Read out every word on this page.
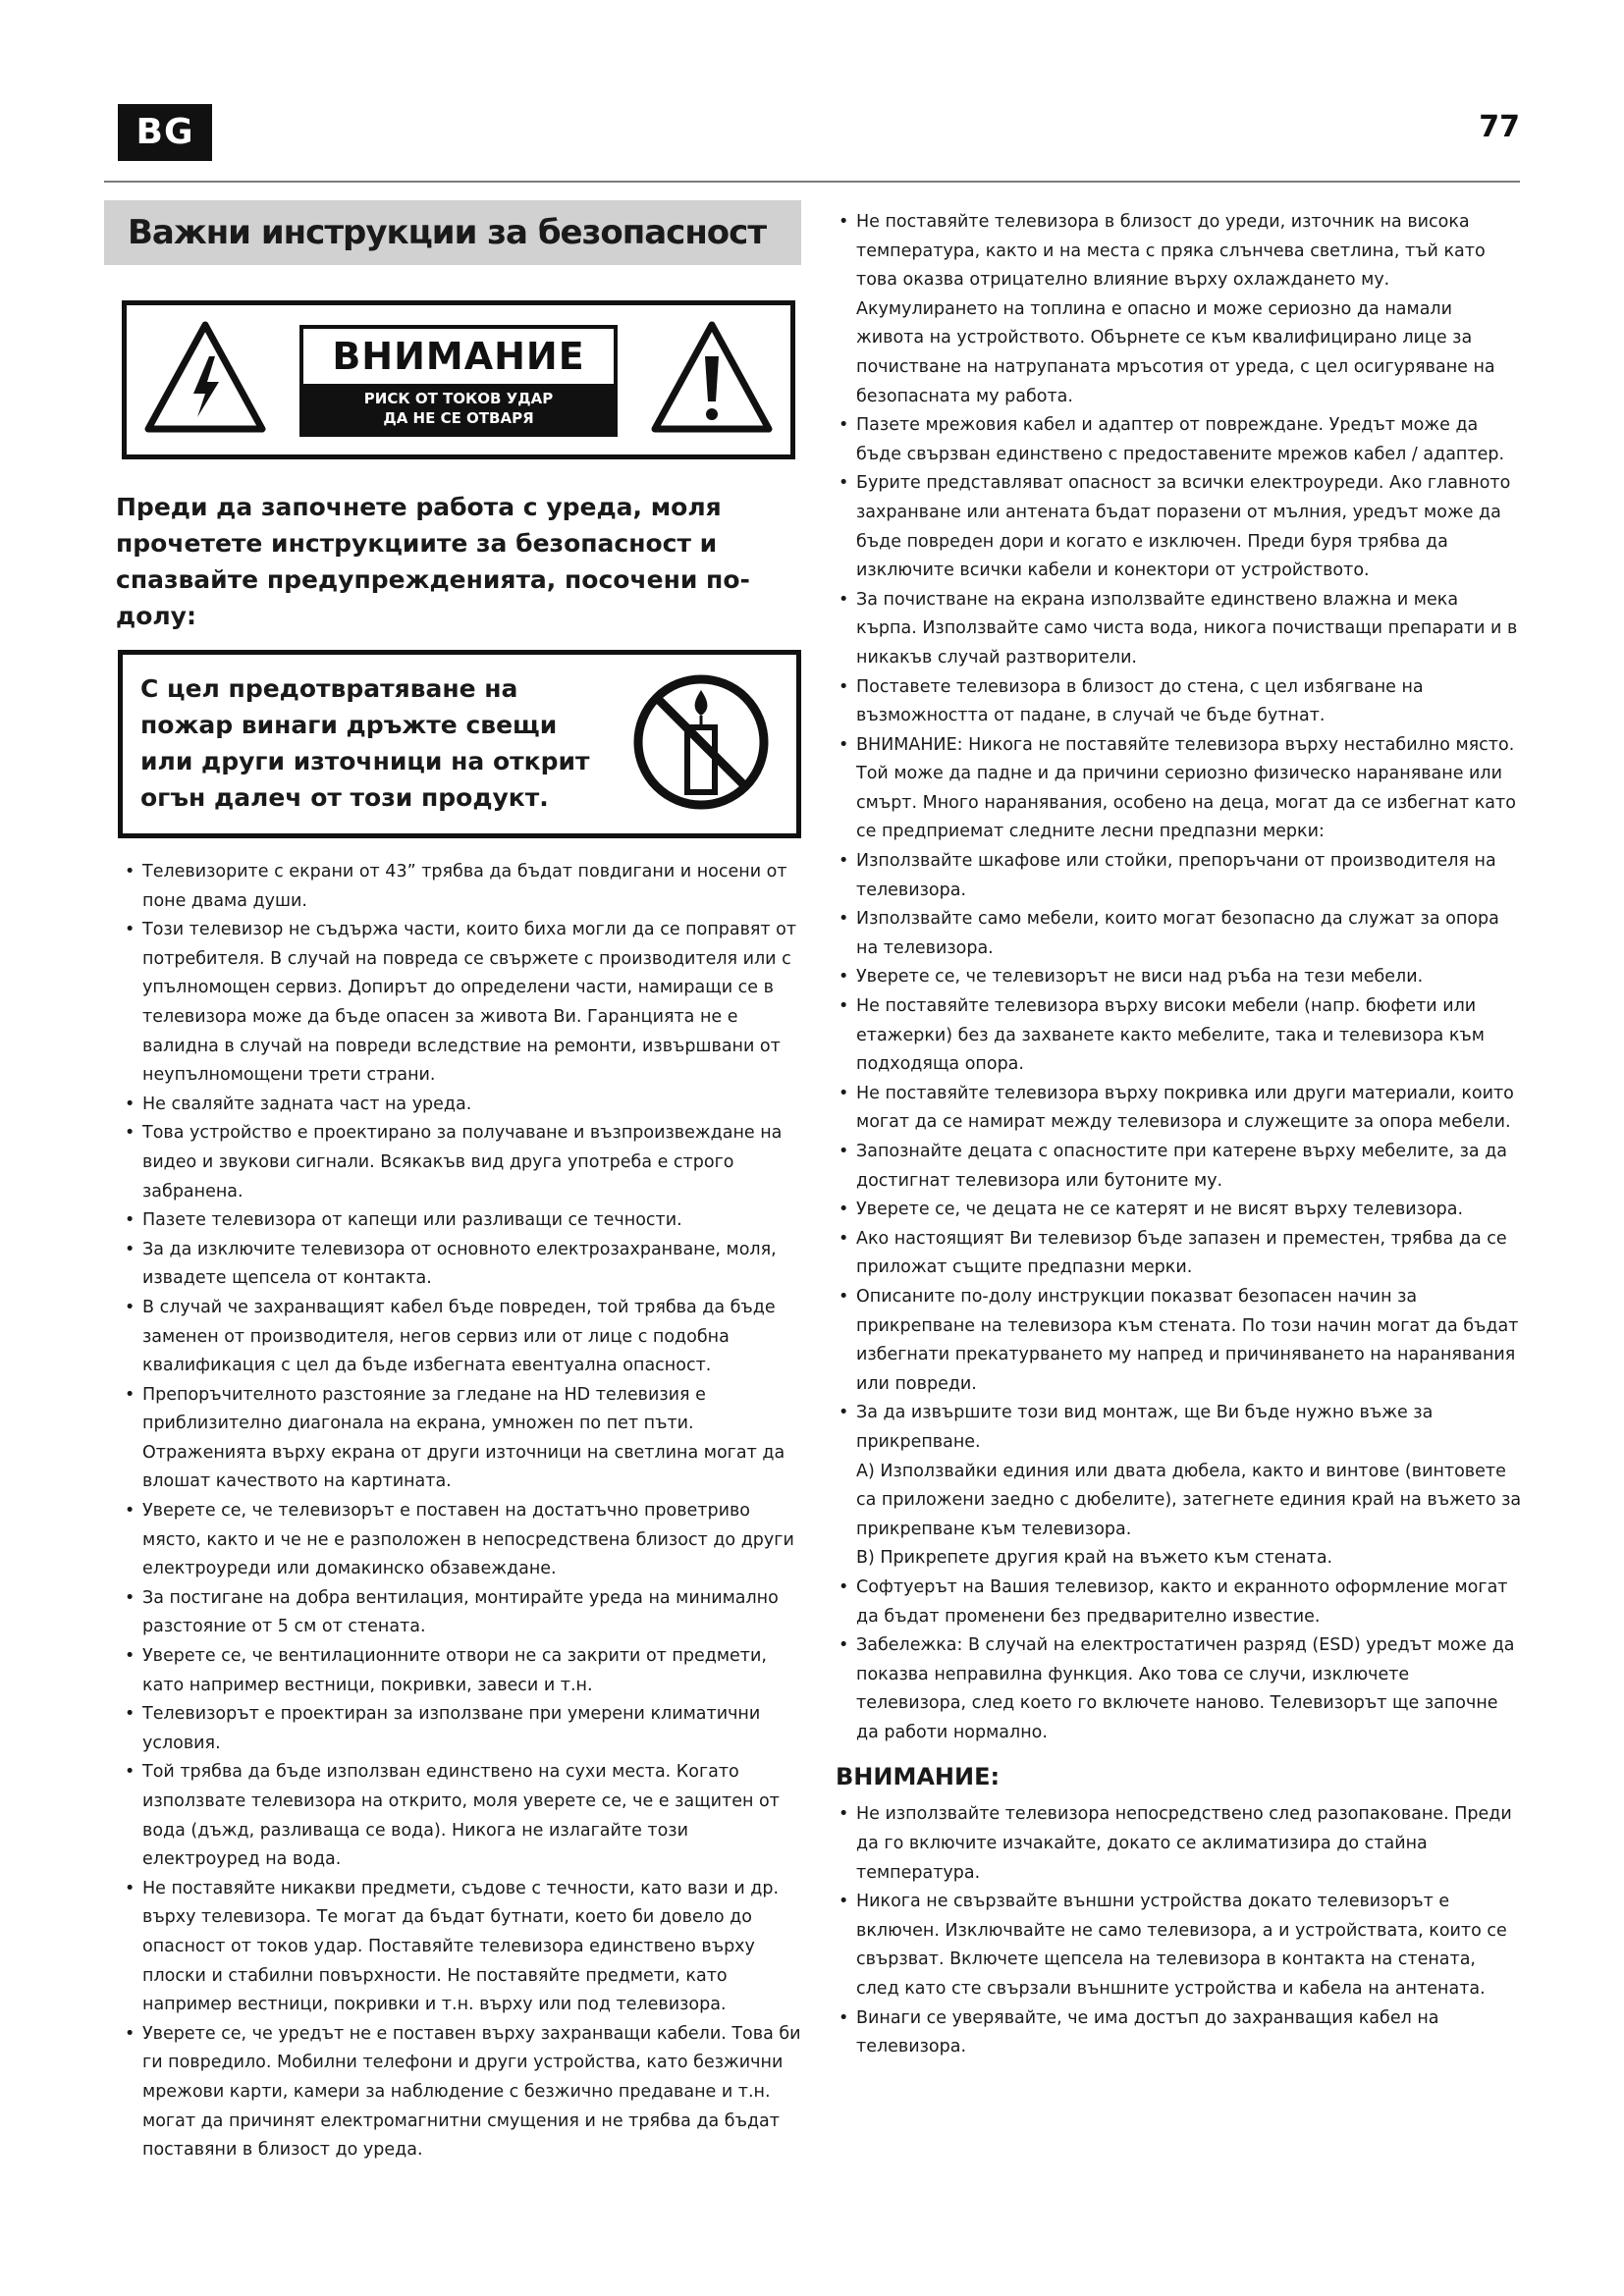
BG	77
Важни инструкции за безопасност
ВНИМАНИЕ
РИСК ОТ ТОКОВ УДАР
ДА НЕ СЕ ОТВАРЯ

Преди да започнете работа с уреда, моля прочетете инструкциите за безопасност и спазвайте предупрежденията, посочени по-долу:

С цел предотвратяване на пожар винаги дръжте свещи или други източници на открит огън далеч от този продукт.

• Телевизорите с екрани от 43” трябва да бъдат повдигани и носени от поне двама души.
• Този телевизор не съдържа части, които биха могли да се поправят от потребителя. В случай на повреда се свържете с производителя или с упълномощен сервиз. Допирът до определени части, намиращи се в телевизора може да бъде опасен за живота Ви. Гаранцията не е валидна в случай на повреди вследствие на ремонти, извършвани от неупълномощени трети страни.
• Не сваляйте задната част на уреда.
• Това устройство е проектирано за получаване и възпроизвеждане на видео и звукови сигнали. Всякакъв вид друга употреба е строго забранена.
• Пазете телевизора от капещи или разливащи се течности.
• За да изключите телевизора от основното електрозахранване, моля, извадете щепсела от контакта.
• В случай че захранващият кабел бъде повреден, той трябва да бъде заменен от производителя, негов сервиз или от лице с подобна квалификация с цел да бъде избегната евентуална опасност.
• Препоръчителното разстояние за гледане на HD телевизия е приблизително диагонала на екрана, умножен по пет пъти. Отраженията върху екрана от други източници на светлина могат да влошат качеството на картината.
• Уверете се, че телевизорът е поставен на достатъчно проветриво място, както и че не е разположен в непосредствена близост до други електроуреди или домакинско обзавеждане.
• За постигане на добра вентилация, монтирайте уреда на минимално разстояние от 5 см от стената.
• Уверете се, че вентилационните отвори не са закрити от предмети, като например вестници, покривки, завеси и т.н.
• Телевизорът е проектиран за използване при умерени климатични условия.
• Той трябва да бъде използван единствено на сухи места. Когато използвате телевизора на открито, моля уверете се, че е защитен от вода (дъжд, разливаща се вода). Никога не излагайте този електроуред на вода.
• Не поставяйте никакви предмети, съдове с течности, като вази и др. върху телевизора. Те могат да бъдат бутнати, което би довело до опасност от токов удар. Поставяйте телевизора единствено върху плоски и стабилни повърхности. Не поставяйте предмети, като например вестници, покривки и т.н. върху или под телевизора.
• Уверете се, че уредът не е поставен върху захранващи кабели. Това би ги повредило. Мобилни телефони и други устройства, като безжични мрежови карти, камери за наблюдение с безжично предаване и т.н. могат да причинят електромагнитни смущения и не трябва да бъдат поставяни в близост до уреда.
• Не поставяйте телевизора в близост до уреди, източник на висока температура, както и на места с пряка слънчева светлина, тъй като това оказва отрицателно влияние върху охлаждането му. Акумулирането на топлина е опасно и може сериозно да намали живота на устройството. Обърнете се към квалифицирано лице за почистване на натрупаната мръсотия от уреда, с цел осигуряване на безопасната му работа.
• Пазете мрежовия кабел и адаптер от повреждане. Уредът може да бъде свързван единствено с предоставените мрежов кабел / адаптер.
• Бурите представляват опасност за всички електроуреди. Ако главното захранване или антената бъдат поразени от мълния, уредът може да бъде повреден дори и когато е изключен. Преди буря трябва да изключите всички кабели и конектори от устройството.
• За почистване на екрана използвайте единствено влажна и мека кърпа. Използвайте само чиста вода, никога почистващи препарати и в никакъв случай разтворители.
• Поставете телевизора в близост до стена, с цел избягване на възможността от падане, в случай че бъде бутнат.
• ВНИМАНИЕ: Никога не поставяйте телевизора върху нестабилно място. Той може да падне и да причини сериозно физическо нараняване или смърт. Много наранявания, особено на деца, могат да се избегнат като се предприемат следните лесни предпазни мерки:
• Използвайте шкафове или стойки, препоръчани от производителя на телевизора.
• Използвайте само мебели, които могат безопасно да служат за опора на телевизора.
• Уверете се, че телевизорът не виси над ръба на тези мебели.
• Не поставяйте телевизора върху високи мебели (напр. бюфети или етажерки) без да захванете както мебелите, така и телевизора към подходяща опора.
• Не поставяйте телевизора върху покривка или други материали, които могат да се намират между телевизора и служещите за опора мебели.
• Запознайте децата с опасностите при катерене върху мебелите, за да достигнат телевизора или бутоните му.
• Уверете се, че децата не се катерят и не висят върху телевизора.
• Ако настоящият Ви телевизор бъде запазен и преместен, трябва да се приложат същите предпазни мерки.
• Описаните по-долу инструкции показват безопасен начин за прикрепване на телевизора към стената. По този начин могат да бъдат избегнати прекатурването му напред и причиняването на наранявания или повреди.
• За да извършите този вид монтаж, ще Ви бъде нужно въже за прикрепване.
А) Използвайки единия или двата дюбела, както и винтове (винтовете са приложени заедно с дюбелите), затегнете единия край на въжето за прикрепване към телевизора.
В) Прикрепете другия край на въжето към стената.
• Софтуерът на Вашия телевизор, както и екранното оформление могат да бъдат променени без предварително известие.
• Забележка: В случай на електростатичен разряд (ESD) уредът може да показва неправилна функция. Ако това се случи, изключете телевизора, след което го включете наново. Телевизорът ще започне да работи нормално.
ВНИМАНИЕ:
• Не използвайте телевизора непосредствено след разопаковане. Преди да го включите изчакайте, докато се аклиматизира до стайна температура.
• Никога не свързвайте външни устройства докато телевизорът е включен. Изключвайте не само телевизора, а и устройствата, които се свързват. Включете щепсела на телевизора в контакта на стената, след като сте свързали външните устройства и кабела на антената.
• Винаги се уверявайте, че има достъп до захранващия кабел на телевизора.
